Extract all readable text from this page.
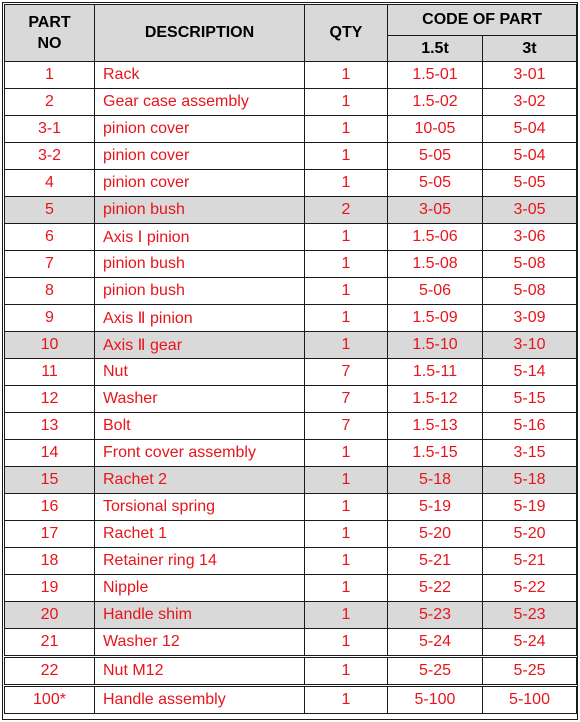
PART
NO	DESCRIPTION	QTY	CODE OF PART	
			1.5t	3t
1	Rack	1	1.5-01	3-01
2	Gear case assembly	1	1.5-02	3-02
3-1	pinion cover	1	10-05	5-04
3-2	pinion cover	1	5-05	5-04
4	pinion cover	1	5-05	5-05
5	pinion bush	2	3-05	3-05
6	Axis Ⅰ pinion	1	1.5-06	3-06
7	pinion bush	1	1.5-08	5-08
8	pinion bush	1	5-06	5-08
9	Axis Ⅱ pinion	1	1.5-09	3-09
10	Axis Ⅱ gear	1	1.5-10	3-10
11	Nut	7	1.5-11	5-14
12	Washer	7	1.5-12	5-15
13	Bolt	7	1.5-13	5-16
14	Front cover assembly	1	1.5-15	3-15
15	Rachet 2	1	5-18	5-18
16	Torsional spring	1	5-19	5-19
17	Rachet 1	1	5-20	5-20
18	Retainer ring 14	1	5-21	5-21
19	Nipple	1	5-22	5-22
20	Handle shim	1	5-23	5-23
21	Washer 12	1	5-24	5-24
22	Nut M12	1	5-25	5-25
100*	Handle assembly	1	5-100	5-100
